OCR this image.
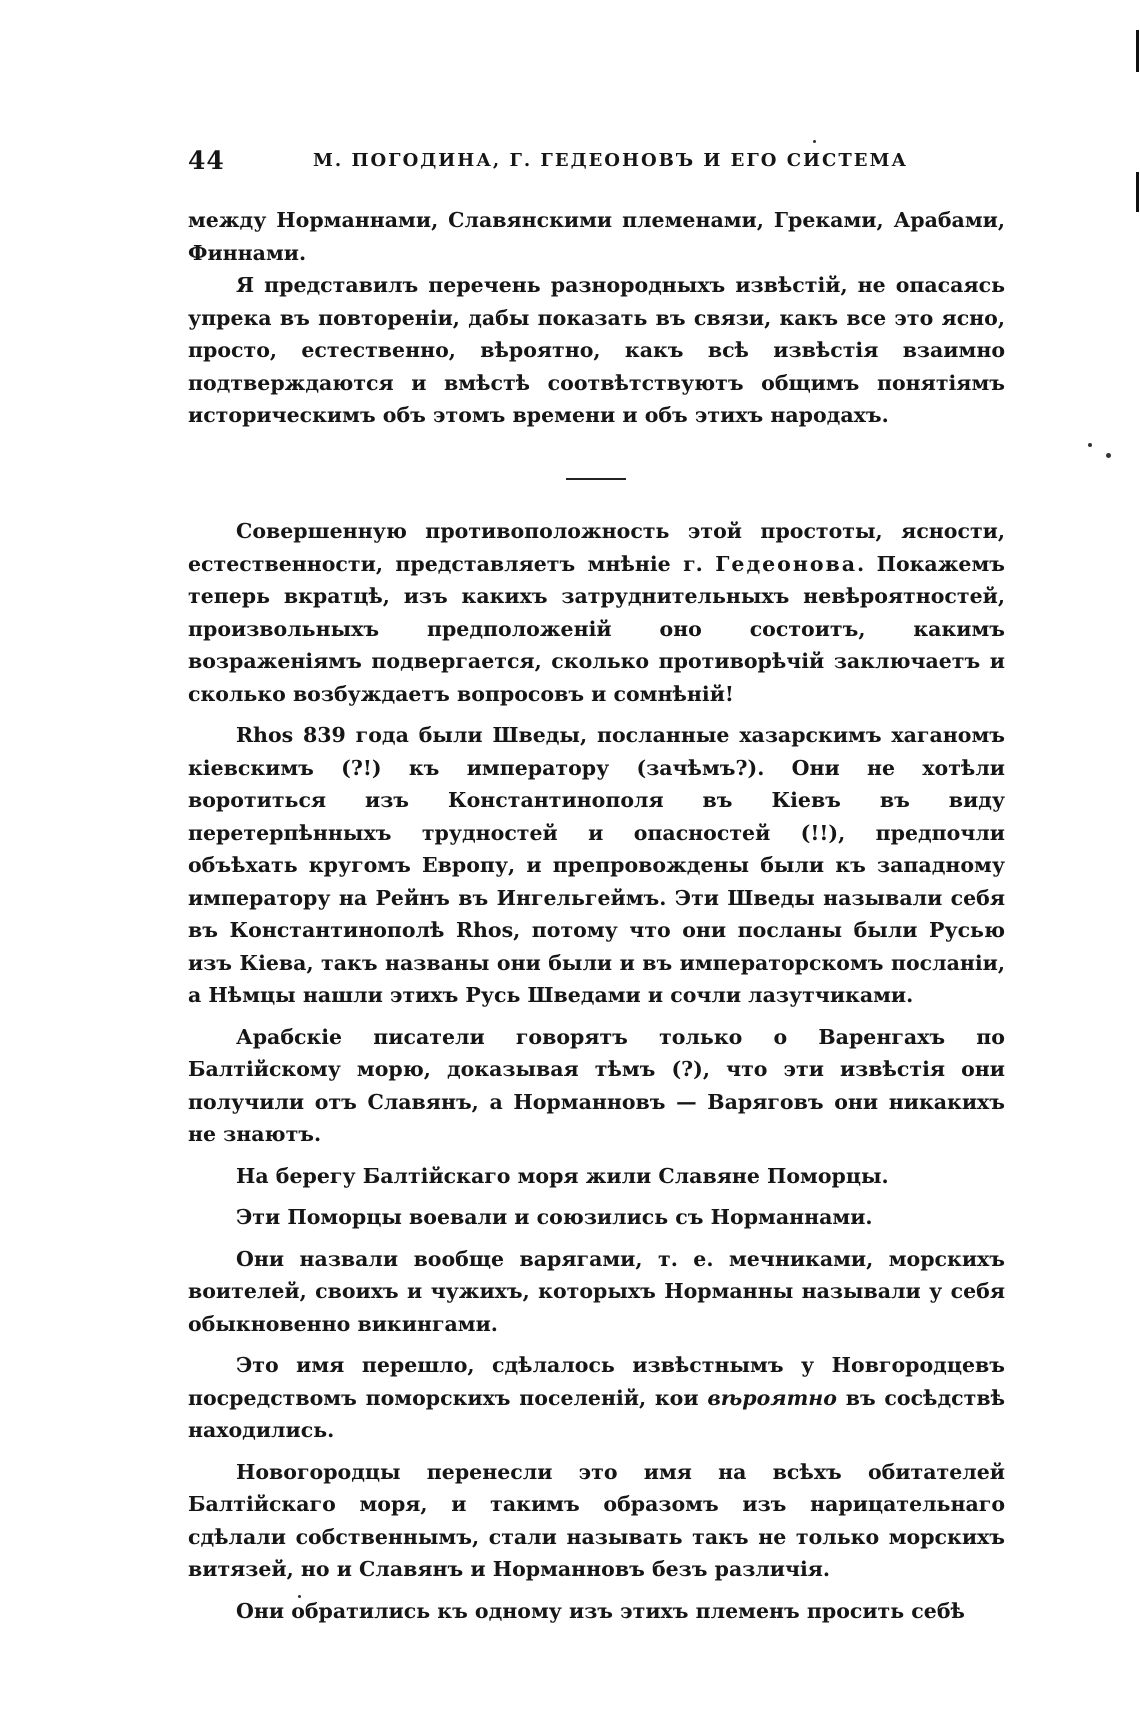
44	М. ПОГОДИНА, Г. ГЕДЕОНОВЪ И ЕГО СИСТЕМА

между Норманнами, Славянскими племенами, Греками, Арабами, Финнами.

Я представилъ перечень разнородныхъ извѣстій, не опасаясь упрека въ повтореніи, дабы показать въ связи, какъ все это ясно, просто, естественно, вѣроятно, какъ всѣ извѣстія взаимно подтверждаются и вмѣстѣ соотвѣтствуютъ общимъ понятіямъ историческимъ объ этомъ времени и объ этихъ народахъ.

Совершенную противоположность этой простоты, ясности, естественности, представляетъ мнѣніе г. Гедеонова. Покажемъ теперь вкратцѣ, изъ какихъ затруднительныхъ невѣроятностей, произвольныхъ предположеній оно состоитъ, какимъ возраженіямъ подвергается, сколько противорѣчій заключаетъ и сколько возбуждаетъ вопросовъ и сомнѣній!

Rhos 839 года были Шведы, посланные хазарскимъ хаганомъ кіевскимъ (?!) къ императору (зачѣмъ?). Они не хотѣли воротиться изъ Константинополя въ Кіевъ въ виду перетерпѣнныхъ трудностей и опасностей (!!), предпочли объѣхать кругомъ Европу, и препровождены были къ западному императору на Рейнъ въ Ингельгеймъ. Эти Шведы называли себя въ Константинополѣ Rhos, потому что они посланы были Русью изъ Кіева, такъ названы они были и въ императорскомъ посланіи, а Нѣмцы нашли этихъ Русь Шведами и сочли лазутчиками.

Арабскіе писатели говорятъ только о Варенгахъ по Балтійскому морю, доказывая тѣмъ (?), что эти извѣстія они получили отъ Славянъ, а Норманновъ — Варяговъ они никакихъ не знаютъ.

На берегу Балтійскаго моря жили Славяне Поморцы.

Эти Поморцы воевали и союзились съ Норманнами.

Они назвали вообще варягами, т. е. мечниками, морскихъ воителей, своихъ и чужихъ, которыхъ Норманны называли у себя обыкновенно викингами.

Это имя перешло, сдѣлалось извѣстнымъ у Новгородцевъ посредствомъ поморскихъ поселеній, кои вѣроятно въ сосѣдствѣ находились.

Новогородцы перенесли это имя на всѣхъ обитателей Балтійскаго моря, и такимъ образомъ изъ нарицательнаго сдѣлали собственнымъ, стали называть такъ не только морскихъ витязей, но и Славянъ и Норманновъ безъ различія.

Они обратились къ одному изъ этихъ племенъ просить себѣ
